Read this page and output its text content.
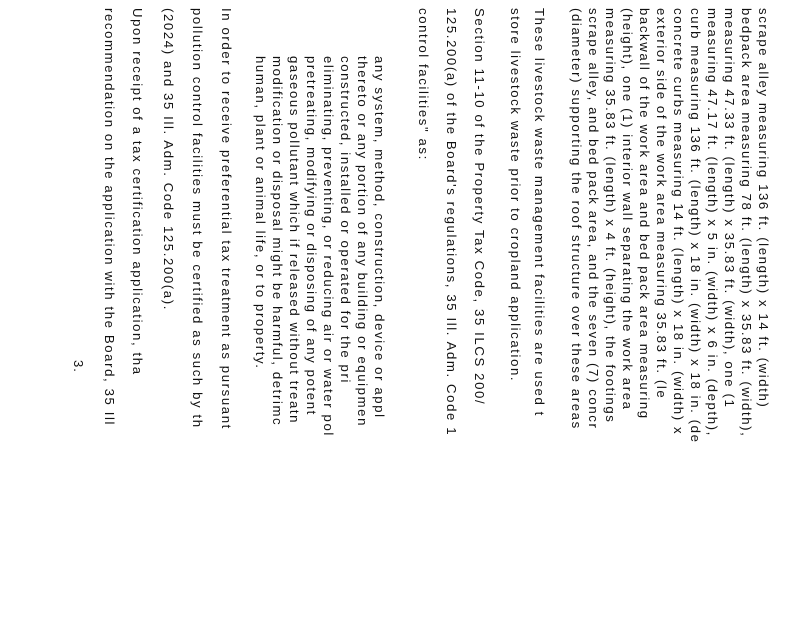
scrape alley measuring 136 ft. (length) x 14 ft. (width)
bedpack area measuring 78 ft. (length) x 35.83 ft. (width),
measuring 47.33 ft. (length) x 35.83 ft. (width), one (1
measuring 47.17 ft. (length) x 5 in. (width) x 6 in. (depth),
curb measuring 136 ft. (length) x 18 in. (width) x 18 in. (de
concrete curbs measuring 14 ft. (length) x 18 in. (width) x
exterior side of the work area measuring 35.83 ft. (le
backwall of the work area and bed pack area measuring
(height), one (1) interior wall separating the work area
measuring 35.83 ft. (length) x 4 ft. (height), the footings
scrape alley, and bed pack area, and the seven (7) concr
(diameter) supporting the roof structure over these areas
These livestock waste management facilities are used t
store livestock waste prior to cropland application.
Section 11-10 of the Property Tax Code, 35 ILCS 200/
125.200(a) of the Board's regulations, 35 Ill. Adm. Code 1
control facilities" as:
any system, method, construction, device or appl
thereto or any portion of any building or equipmen
constructed, installed or operated for the pri
eliminating, preventing, or reducing air or water pol
pretreating, modifying or disposing of any potent
gaseous pollutant which if released without treatn
modification or disposal might be harmful, detrimc
human, plant or animal life, or to property.
In order to receive preferential tax treatment as pursuant
pollution control facilities must be certified as such by th
(2024) and 35 Ill. Adm. Code 125.200(a).
Upon receipt of a tax certification application, tha
recommendation on the application with the Board, 35 Ill
3.
